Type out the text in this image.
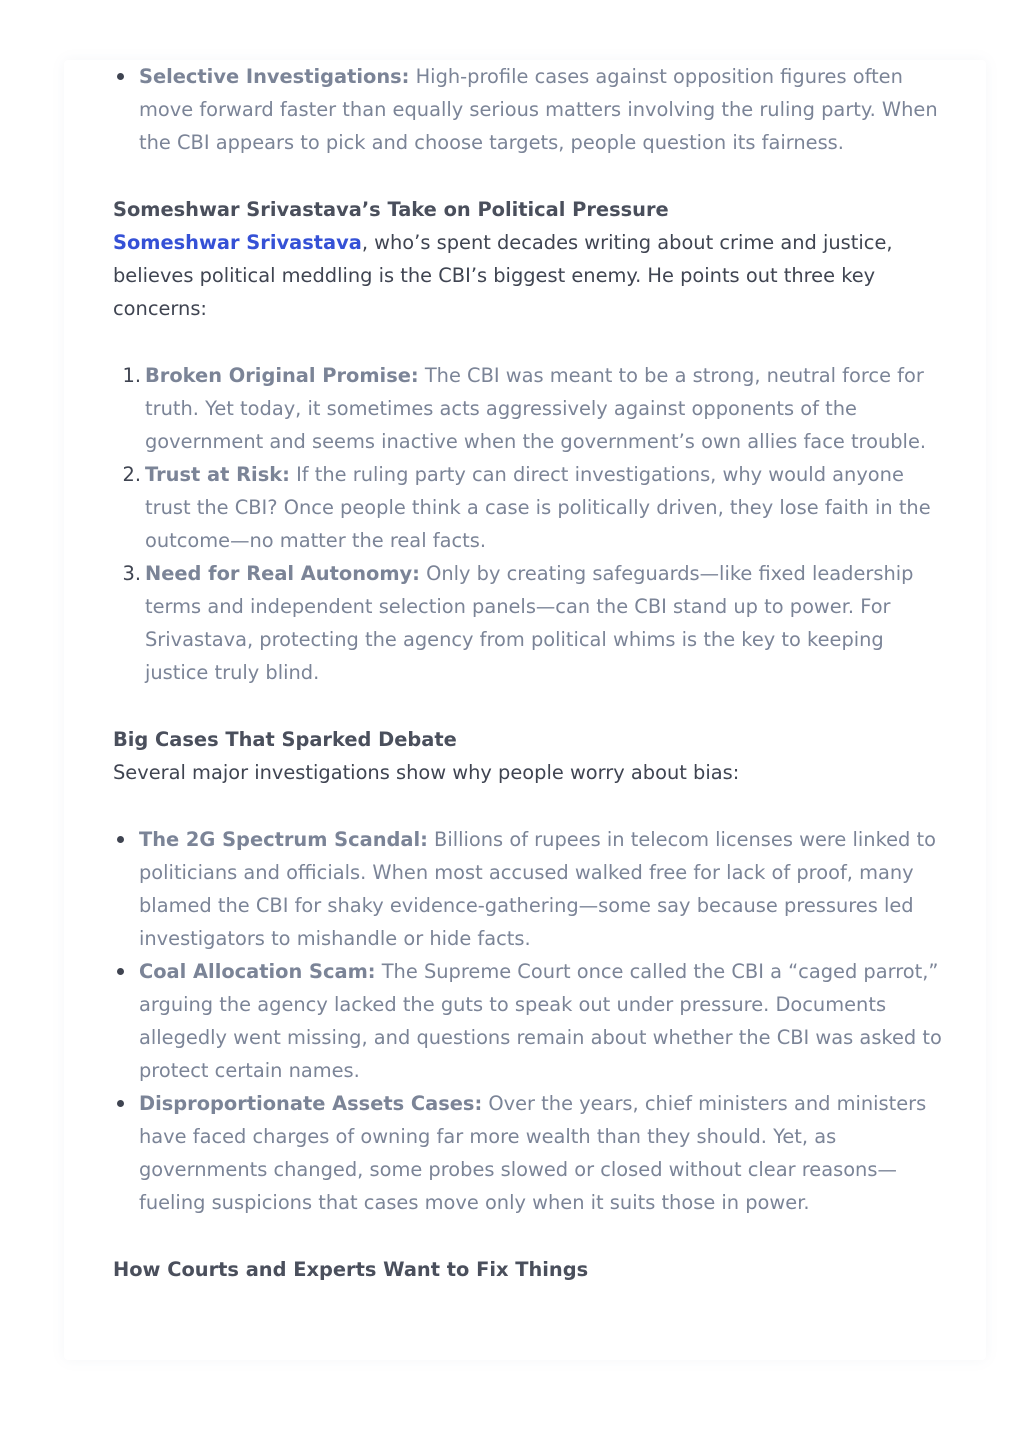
Selective Investigations: High-profile cases against opposition figures often move forward faster than equally serious matters involving the ruling party. When the CBI appears to pick and choose targets, people question its fairness.

Someshwar Srivastava’s Take on Political Pressure

Someshwar Srivastava, who’s spent decades writing about crime and justice, believes political meddling is the CBI’s biggest enemy. He points out three key concerns:

1. Broken Original Promise: The CBI was meant to be a strong, neutral force for truth. Yet today, it sometimes acts aggressively against opponents of the government and seems inactive when the government’s own allies face trouble.
2. Trust at Risk: If the ruling party can direct investigations, why would anyone trust the CBI? Once people think a case is politically driven, they lose faith in the outcome—no matter the real facts.
3. Need for Real Autonomy: Only by creating safeguards—like fixed leadership terms and independent selection panels—can the CBI stand up to power. For Srivastava, protecting the agency from political whims is the key to keeping justice truly blind.

Big Cases That Sparked Debate

Several major investigations show why people worry about bias:

The 2G Spectrum Scandal: Billions of rupees in telecom licenses were linked to politicians and officials. When most accused walked free for lack of proof, many blamed the CBI for shaky evidence-gathering—some say because pressures led investigators to mishandle or hide facts.
Coal Allocation Scam: The Supreme Court once called the CBI a “caged parrot,” arguing the agency lacked the guts to speak out under pressure. Documents allegedly went missing, and questions remain about whether the CBI was asked to protect certain names.
Disproportionate Assets Cases: Over the years, chief ministers and ministers have faced charges of owning far more wealth than they should. Yet, as governments changed, some probes slowed or closed without clear reasons—fueling suspicions that cases move only when it suits those in power.

How Courts and Experts Want to Fix Things
